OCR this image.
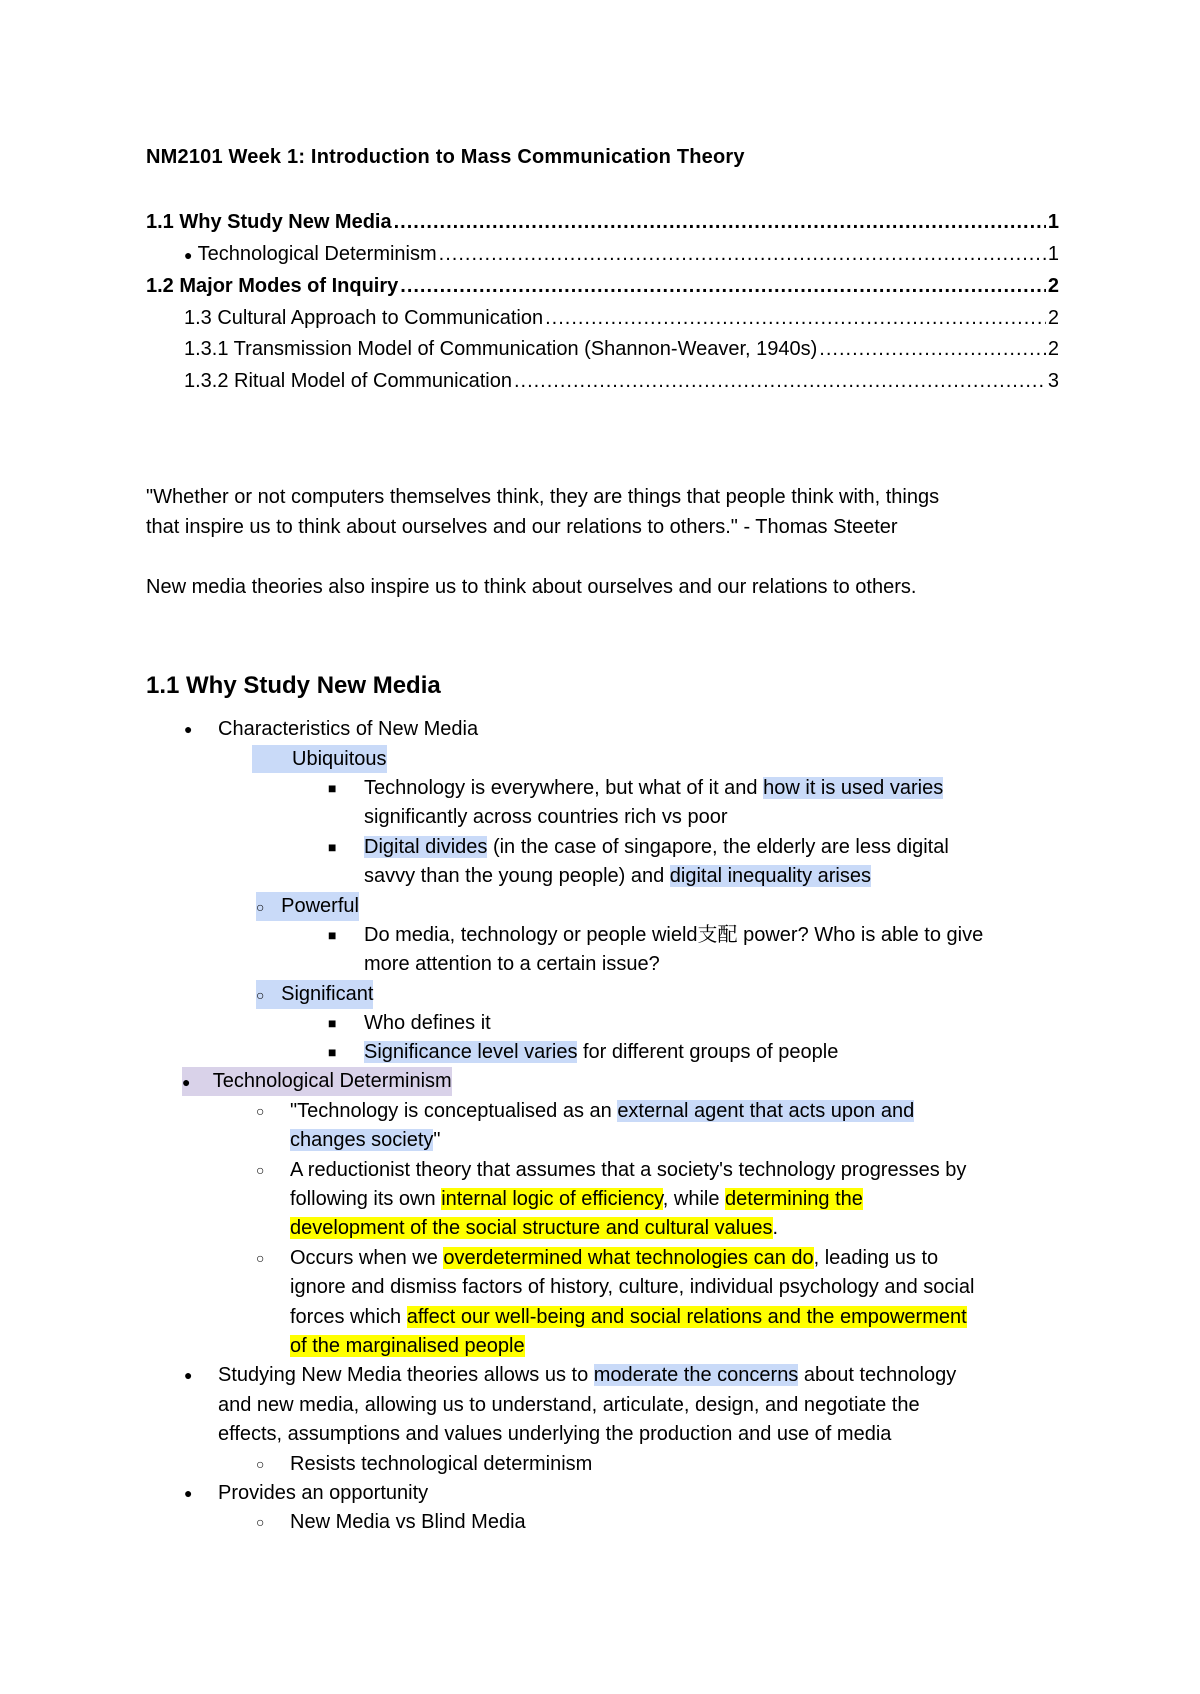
NM2101 Week 1: Introduction to Mass Communication Theory
1.1 Why Study New Media .....	1
● Technological Determinism .....	1
1.2 Major Modes of Inquiry .....	2
1.3 Cultural Approach to Communication .....	2
1.3.1 Transmission Model of Communication (Shannon-Weaver, 1940s) .....	2
1.3.2 Ritual Model of Communication .....	3
"Whether or not computers themselves think, they are things that people think with, things
that inspire us to think about ourselves and our relations to others." - Thomas Steeter
New media theories also inspire us to think about ourselves and our relations to others.
1.1 Why Study New Media
● Characteristics of New Media
Ubiquitous
■ Technology is everywhere, but what of it and how it is used varies
significantly across countries rich vs poor
■ Digital divides (in the case of singapore, the elderly are less digital
savvy than the young people) and digital inequality arises
○ Powerful
■ Do media, technology or people wield支配 power? Who is able to give
more attention to a certain issue?
○ Significant
■ Who defines it
■ Significance level varies for different groups of people
● Technological Determinism
○ "Technology is conceptualised as an external agent that acts upon and
changes society"
○ A reductionist theory that assumes that a society's technology progresses by
following its own internal logic of efficiency, while determining the
development of the social structure and cultural values.
○ Occurs when we overdetermined what technologies can do, leading us to
ignore and dismiss factors of history, culture, individual psychology and social
forces which affect our well-being and social relations and the empowerment
of the marginalised people
● Studying New Media theories allows us to moderate the concerns about technology
and new media, allowing us to understand, articulate, design, and negotiate the
effects, assumptions and values underlying the production and use of media
○ Resists technological determinism
● Provides an opportunity
○ New Media vs Blind Media
